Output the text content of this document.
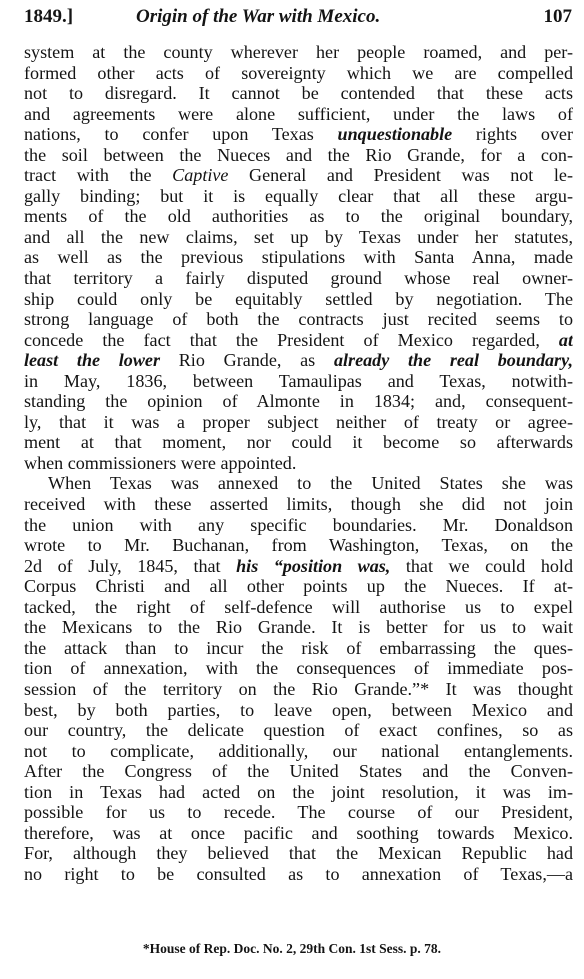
1849.]	Origin of the War with Mexico.	107
system at the county wherever her people roamed, and per-
formed other acts of sovereignty which we are compelled
not to disregard. It cannot be contended that these acts
and agreements were alone sufficient, under the laws of
nations, to confer upon Texas unquestionable rights over
the soil between the Nueces and the Rio Grande, for a con-
tract with the Captive General and President was not le-
gally binding; but it is equally clear that all these argu-
ments of the old authorities as to the original boundary,
and all the new claims, set up by Texas under her statutes,
as well as the previous stipulations with Santa Anna, made
that territory a fairly disputed ground whose real owner-
ship could only be equitably settled by negotiation. The
strong language of both the contracts just recited seems to
concede the fact that the President of Mexico regarded, at
least the lower Rio Grande, as already the real boundary,
in May, 1836, between Tamaulipas and Texas, notwith-
standing the opinion of Almonte in 1834; and, consequent-
ly, that it was a proper subject neither of treaty or agree-
ment at that moment, nor could it become so afterwards
when commissioners were appointed.
When Texas was annexed to the United States she was
received with these asserted limits, though she did not join
the union with any specific boundaries. Mr. Donaldson
wrote to Mr. Buchanan, from Washington, Texas, on the
2d of July, 1845, that his “position was, that we could hold
Corpus Christi and all other points up the Nueces. If at-
tacked, the right of self-defence will authorise us to expel
the Mexicans to the Rio Grande. It is better for us to wait
the attack than to incur the risk of embarrassing the ques-
tion of annexation, with the consequences of immediate pos-
session of the territory on the Rio Grande.”* It was thought
best, by both parties, to leave open, between Mexico and
our country, the delicate question of exact confines, so as
not to complicate, additionally, our national entanglements.
After the Congress of the United States and the Conven-
tion in Texas had acted on the joint resolution, it was im-
possible for us to recede. The course of our President,
therefore, was at once pacific and soothing towards Mexico.
For, although they believed that the Mexican Republic had
no right to be consulted as to annexation of Texas,—a
*House of Rep. Doc. No. 2, 29th Con. 1st Sess. p. 78.
